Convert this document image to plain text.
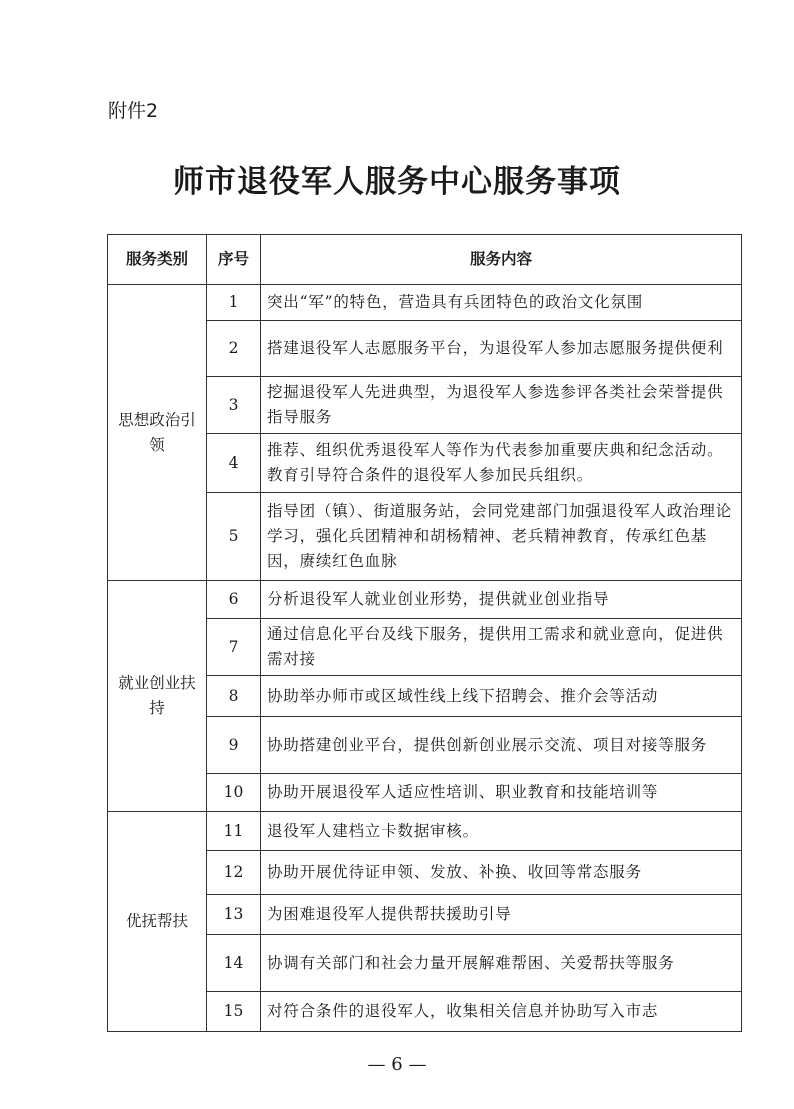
附件2
师市退役军人服务中心服务事项
服务类别	序号	服务内容
思想政治引领	1	突出“军”的特色，营造具有兵团特色的政治文化氛围
	2	搭建退役军人志愿服务平台，为退役军人参加志愿服务提供便利
	3	挖掘退役军人先进典型，为退役军人参选参评各类社会荣誉提供指导服务
	4	推荐、组织优秀退役军人等作为代表参加重要庆典和纪念活动。教育引导符合条件的退役军人参加民兵组织。
	5	指导团（镇）、街道服务站，会同党建部门加强退役军人政治理论学习，强化兵团精神和胡杨精神、老兵精神教育，传承红色基因，赓续红色血脉
就业创业扶持	6	分析退役军人就业创业形势，提供就业创业指导
	7	通过信息化平台及线下服务，提供用工需求和就业意向，促进供需对接
	8	协助举办师市或区域性线上线下招聘会、推介会等活动
	9	协助搭建创业平台，提供创新创业展示交流、项目对接等服务
	10	协助开展退役军人适应性培训、职业教育和技能培训等
优抚帮扶	11	退役军人建档立卡数据审核。
	12	协助开展优待证申领、发放、补换、收回等常态服务
	13	为困难退役军人提供帮扶援助引导
	14	协调有关部门和社会力量开展解难帮困、关爱帮扶等服务
	15	对符合条件的退役军人，收集相关信息并协助写入市志
— 6 —
